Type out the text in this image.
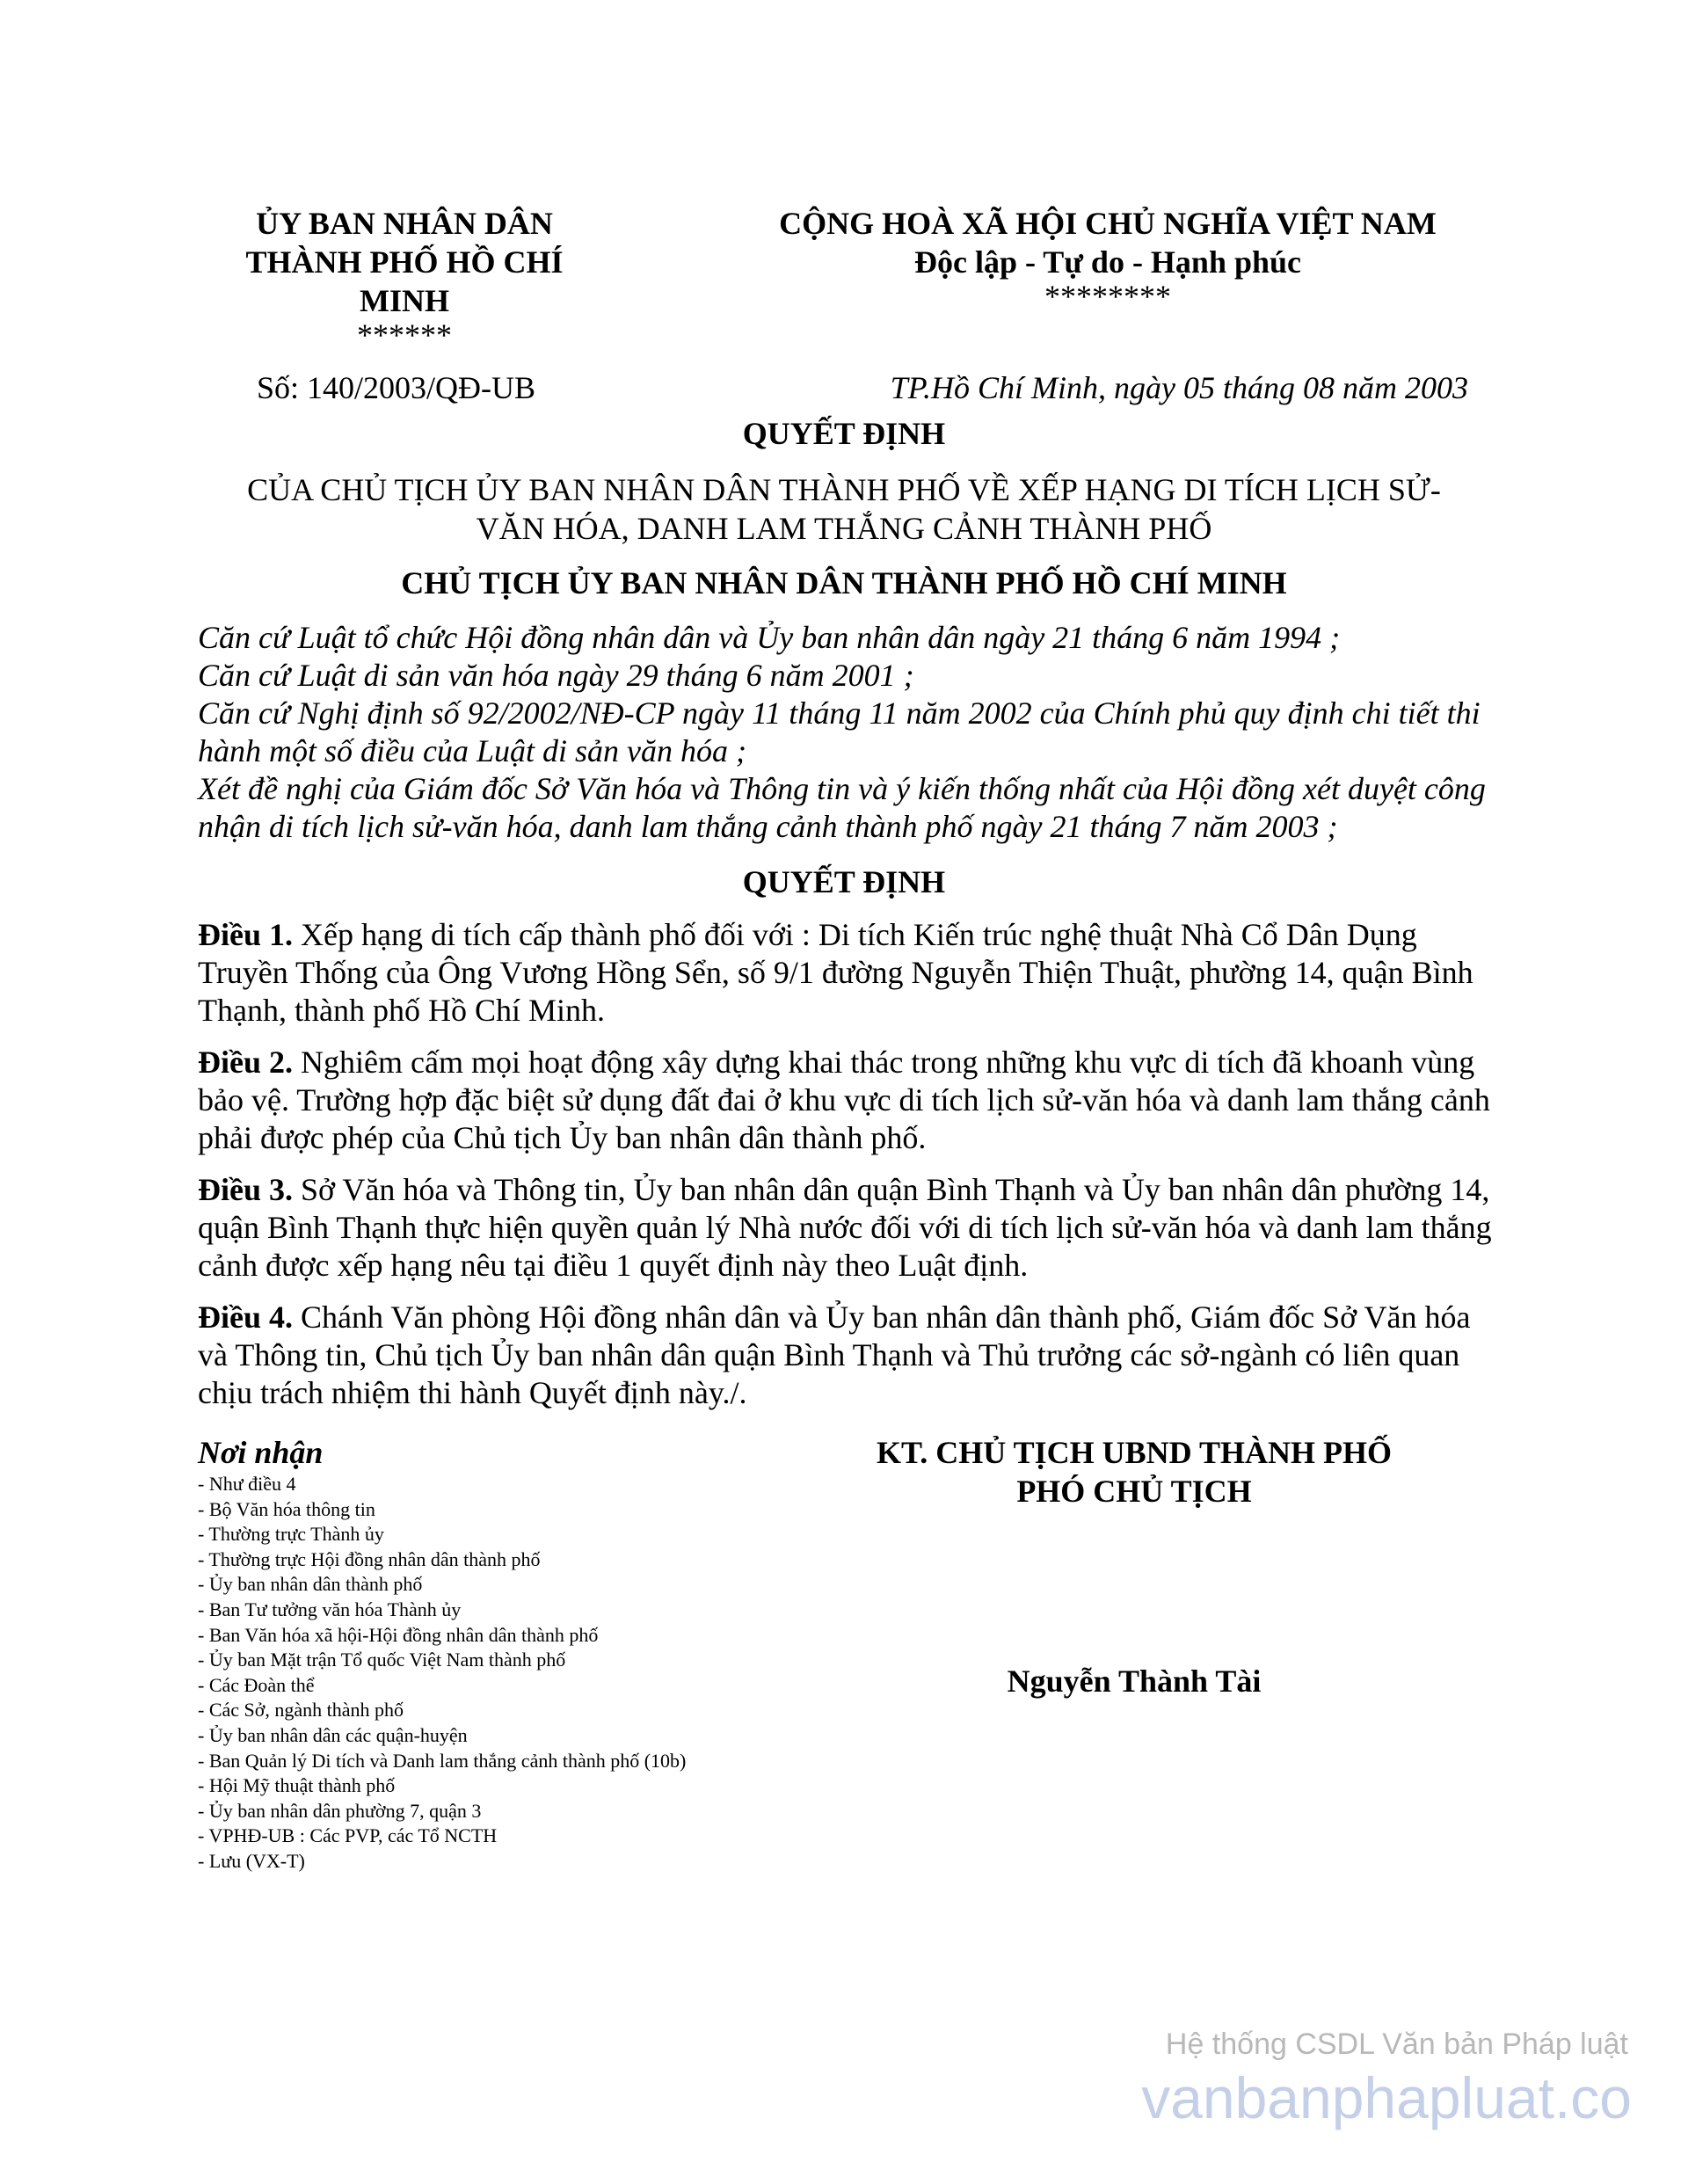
ỦY BAN NHÂN DÂN
THÀNH PHỐ HỒ CHÍ
MINH
******
CỘNG HOÀ XÃ HỘI CHỦ NGHĨA VIỆT NAM
Độc lập - Tự do - Hạnh phúc
********
Số: 140/2003/QĐ-UB	TP.Hồ Chí Minh, ngày 05 tháng 08 năm 2003
QUYẾT ĐỊNH
CỦA CHỦ TỊCH ỦY BAN NHÂN DÂN THÀNH PHỐ VỀ XẾP HẠNG DI TÍCH LỊCH SỬ-
VĂN HÓA, DANH LAM THẮNG CẢNH THÀNH PHỐ
CHỦ TỊCH ỦY BAN NHÂN DÂN THÀNH PHỐ HỒ CHÍ MINH

Căn cứ Luật tổ chức Hội đồng nhân dân và Ủy ban nhân dân ngày 21 tháng 6 năm 1994 ;

Căn cứ Luật di sản văn hóa ngày 29 tháng 6 năm 2001 ;

Căn cứ Nghị định số 92/2002/NĐ-CP ngày 11 tháng 11 năm 2002 của Chính phủ quy định chi tiết thi hành một số điều của Luật di sản văn hóa ;

Xét đề nghị của Giám đốc Sở Văn hóa và Thông tin và ý kiến thống nhất của Hội đồng xét duyệt công nhận di tích lịch sử-văn hóa, danh lam thắng cảnh thành phố ngày 21 tháng 7 năm 2003 ;

QUYẾT ĐỊNH

Điều 1. Xếp hạng di tích cấp thành phố đối với : Di tích Kiến trúc nghệ thuật Nhà Cổ Dân Dụng Truyền Thống của Ông Vương Hồng Sển, số 9/1 đường Nguyễn Thiện Thuật, phường 14, quận Bình Thạnh, thành phố Hồ Chí Minh.

Điều 2. Nghiêm cấm mọi hoạt động xây dựng khai thác trong những khu vực di tích đã khoanh vùng bảo vệ. Trường hợp đặc biệt sử dụng đất đai ở khu vực di tích lịch sử-văn hóa và danh lam thắng cảnh phải được phép của Chủ tịch Ủy ban nhân dân thành phố.

Điều 3. Sở Văn hóa và Thông tin, Ủy ban nhân dân quận Bình Thạnh và Ủy ban nhân dân phường 14, quận Bình Thạnh thực hiện quyền quản lý Nhà nước đối với di tích lịch sử-văn hóa và danh lam thắng cảnh được xếp hạng nêu tại điều 1 quyết định này theo Luật định.

Điều 4. Chánh Văn phòng Hội đồng nhân dân và Ủy ban nhân dân thành phố, Giám đốc Sở Văn hóa và Thông tin, Chủ tịch Ủy ban nhân dân quận Bình Thạnh và Thủ trưởng các sở-ngành có liên quan chịu trách nhiệm thi hành Quyết định này./.

Nơi nhận
- Như điều 4
- Bộ Văn hóa thông tin
- Thường trực Thành ủy
- Thường trực Hội đồng nhân dân thành phố
- Ủy ban nhân dân thành phố
- Ban Tư tưởng văn hóa Thành ủy
- Ban Văn hóa xã hội-Hội đồng nhân dân thành phố
- Ủy ban Mặt trận Tổ quốc Việt Nam thành phố
- Các Đoàn thể
- Các Sở, ngành thành phố
- Ủy ban nhân dân các quận-huyện
- Ban Quản lý Di tích và Danh lam thắng cảnh thành phố (10b)
- Hội Mỹ thuật thành phố
- Ủy ban nhân dân phường 7, quận 3
- VPHĐ-UB : Các PVP, các Tổ NCTH
- Lưu (VX-T)
KT. CHỦ TỊCH UBND THÀNH PHỐ
PHÓ CHỦ TỊCH
Nguyễn Thành Tài
Hệ thống CSDL Văn bản Pháp luật
vanbanphapluat.co
